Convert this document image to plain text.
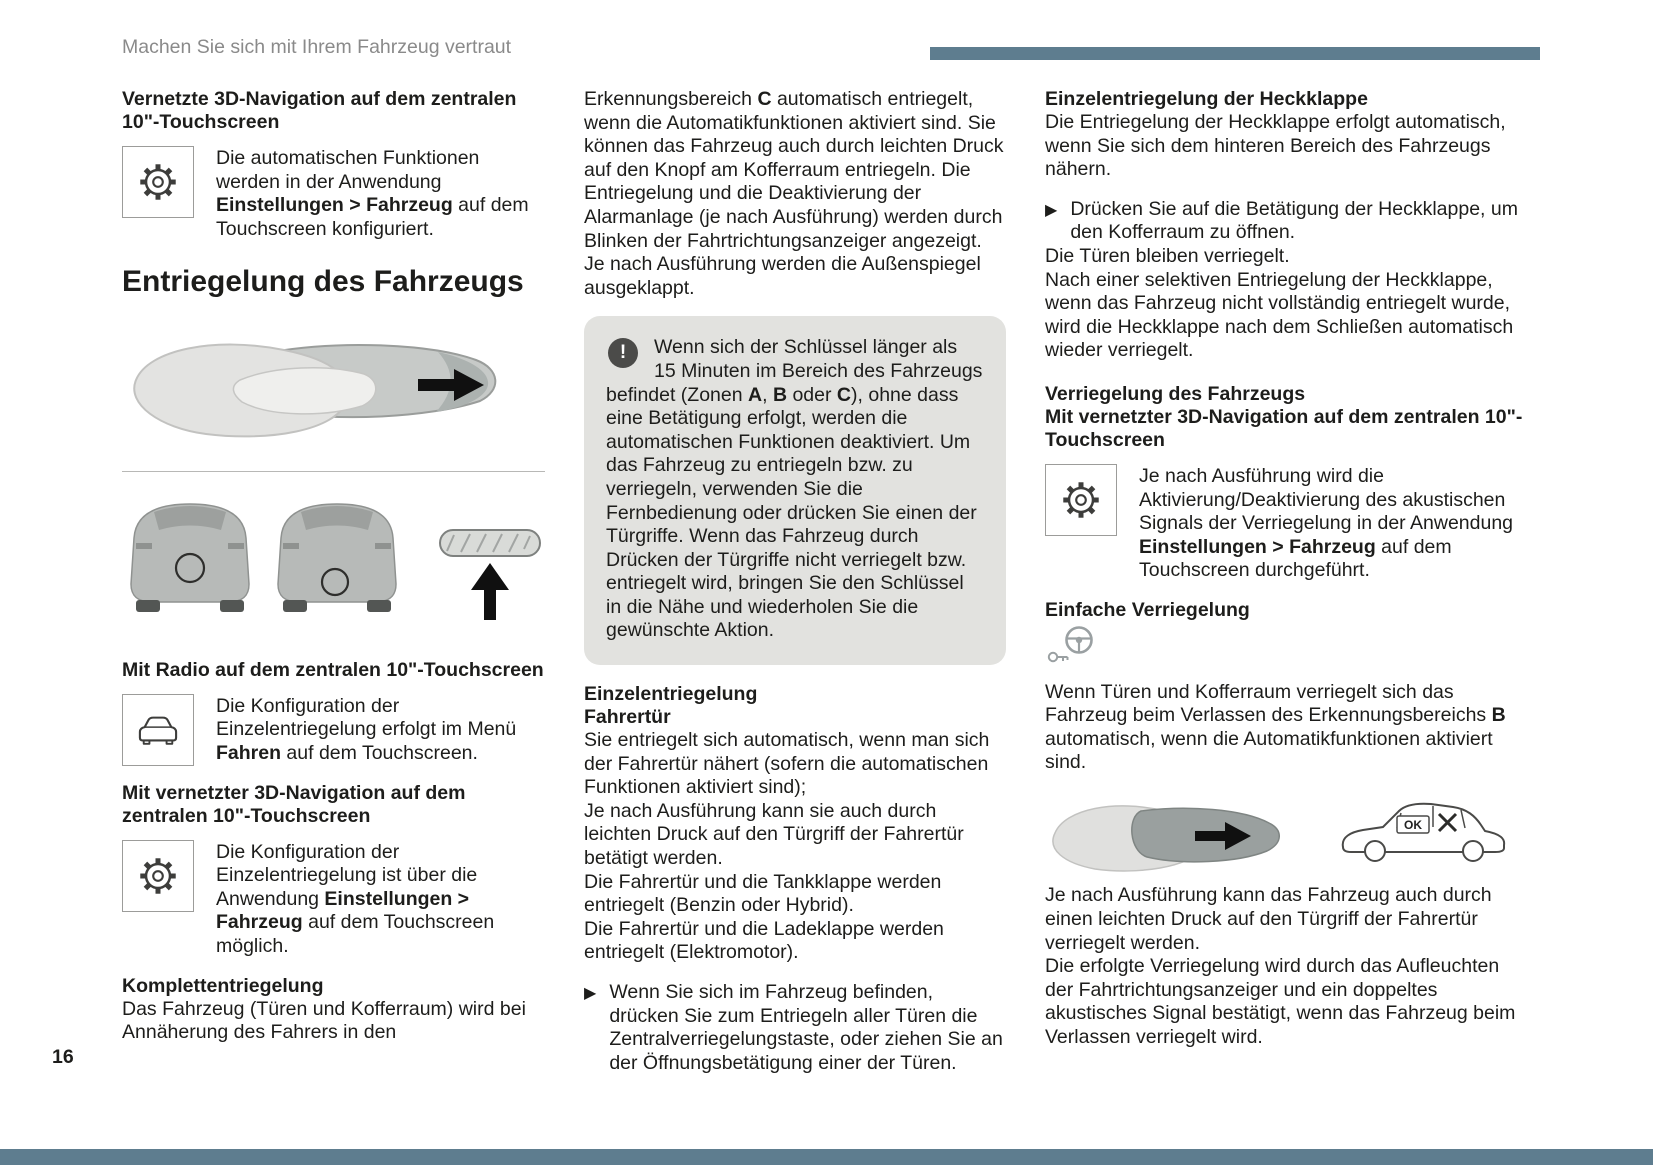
Machen Sie sich mit Ihrem Fahrzeug vertraut
Vernetzte 3D-Navigation auf dem zentralen 10"-Touchscreen

Die automatischen Funktionen werden in der Anwendung Einstellungen > Fahrzeug auf dem Touchscreen konfiguriert.

Entriegelung des Fahrzeugs
Mit Radio auf dem zentralen 10"-Touchscreen

Die Konfiguration der Einzelentriegelung erfolgt im Menü Fahren auf dem Touchscreen.

Mit vernetzter 3D-Navigation auf dem zentralen 10"-Touchscreen

Die Konfiguration der Einzelentriegelung ist über die Anwendung Einstellungen > Fahrzeug auf dem Touchscreen möglich.

Komplettentriegelung

Das Fahrzeug (Türen und Kofferraum) wird bei Annäherung des Fahrers in den

Erkennungsbereich C automatisch entriegelt, wenn die Automatikfunktionen aktiviert sind. Sie können das Fahrzeug auch durch leichten Druck auf den Knopf am Kofferraum entriegeln. Die Entriegelung und die Deaktivierung der Alarmanlage (je nach Ausführung) werden durch Blinken der Fahrtrichtungsanzeiger angezeigt.

Je nach Ausführung werden die Außenspiegel ausgeklappt.

!	Wenn sich der Schlüssel länger als 15 Minuten im Bereich des Fahrzeugs befindet (Zonen A, B oder C), ohne dass eine Betätigung erfolgt, werden die automatischen Funktionen deaktiviert. Um das Fahrzeug zu entriegeln bzw. zu verriegeln, verwenden Sie die Fernbedienung oder drücken Sie einen der Türgriffe. Wenn das Fahrzeug durch Drücken der Türgriffe nicht verriegelt bzw. entriegelt wird, bringen Sie den Schlüssel in die Nähe und wiederholen Sie die gewünschte Aktion.

Einzelentriegelung
Fahrertür

Sie entriegelt sich automatisch, wenn man sich der Fahrertür nähert (sofern die automatischen Funktionen aktiviert sind);

Je nach Ausführung kann sie auch durch leichten Druck auf den Türgriff der Fahrertür betätigt werden.

Die Fahrertür und die Tankklappe werden entriegelt (Benzin oder Hybrid).

Die Fahrertür und die Ladeklappe werden entriegelt (Elektromotor).

▶ Wenn Sie sich im Fahrzeug befinden, drücken Sie zum Entriegeln aller Türen die Zentralverriegelungstaste, oder ziehen Sie an der Öffnungsbetätigung einer der Türen.

Einzelentriegelung der Heckklappe

Die Entriegelung der Heckklappe erfolgt automatisch, wenn Sie sich dem hinteren Bereich des Fahrzeugs nähern.

▶ Drücken Sie auf die Betätigung der Heckklappe, um den Kofferraum zu öffnen.

Die Türen bleiben verriegelt.

Nach einer selektiven Entriegelung der Heckklappe, wenn das Fahrzeug nicht vollständig entriegelt wurde, wird die Heckklappe nach dem Schließen automatisch wieder verriegelt.

Verriegelung des Fahrzeugs
Mit vernetzter 3D-Navigation auf dem zentralen 10"-Touchscreen

Je nach Ausführung wird die Aktivierung/Deaktivierung des akustischen Signals der Verriegelung in der Anwendung Einstellungen > Fahrzeug auf dem Touchscreen durchgeführt.

Einfache Verriegelung

Wenn Türen und Kofferraum verriegelt sich das Fahrzeug beim Verlassen des Erkennungsbereichs B automatisch, wenn die Automatikfunktionen aktiviert sind.

OK

Je nach Ausführung kann das Fahrzeug auch durch einen leichten Druck auf den Türgriff der Fahrertür verriegelt werden.

Die erfolgte Verriegelung wird durch das Aufleuchten der Fahrtrichtungsanzeiger und ein doppeltes akustisches Signal bestätigt, wenn das Fahrzeug beim Verlassen verriegelt wird.

16
